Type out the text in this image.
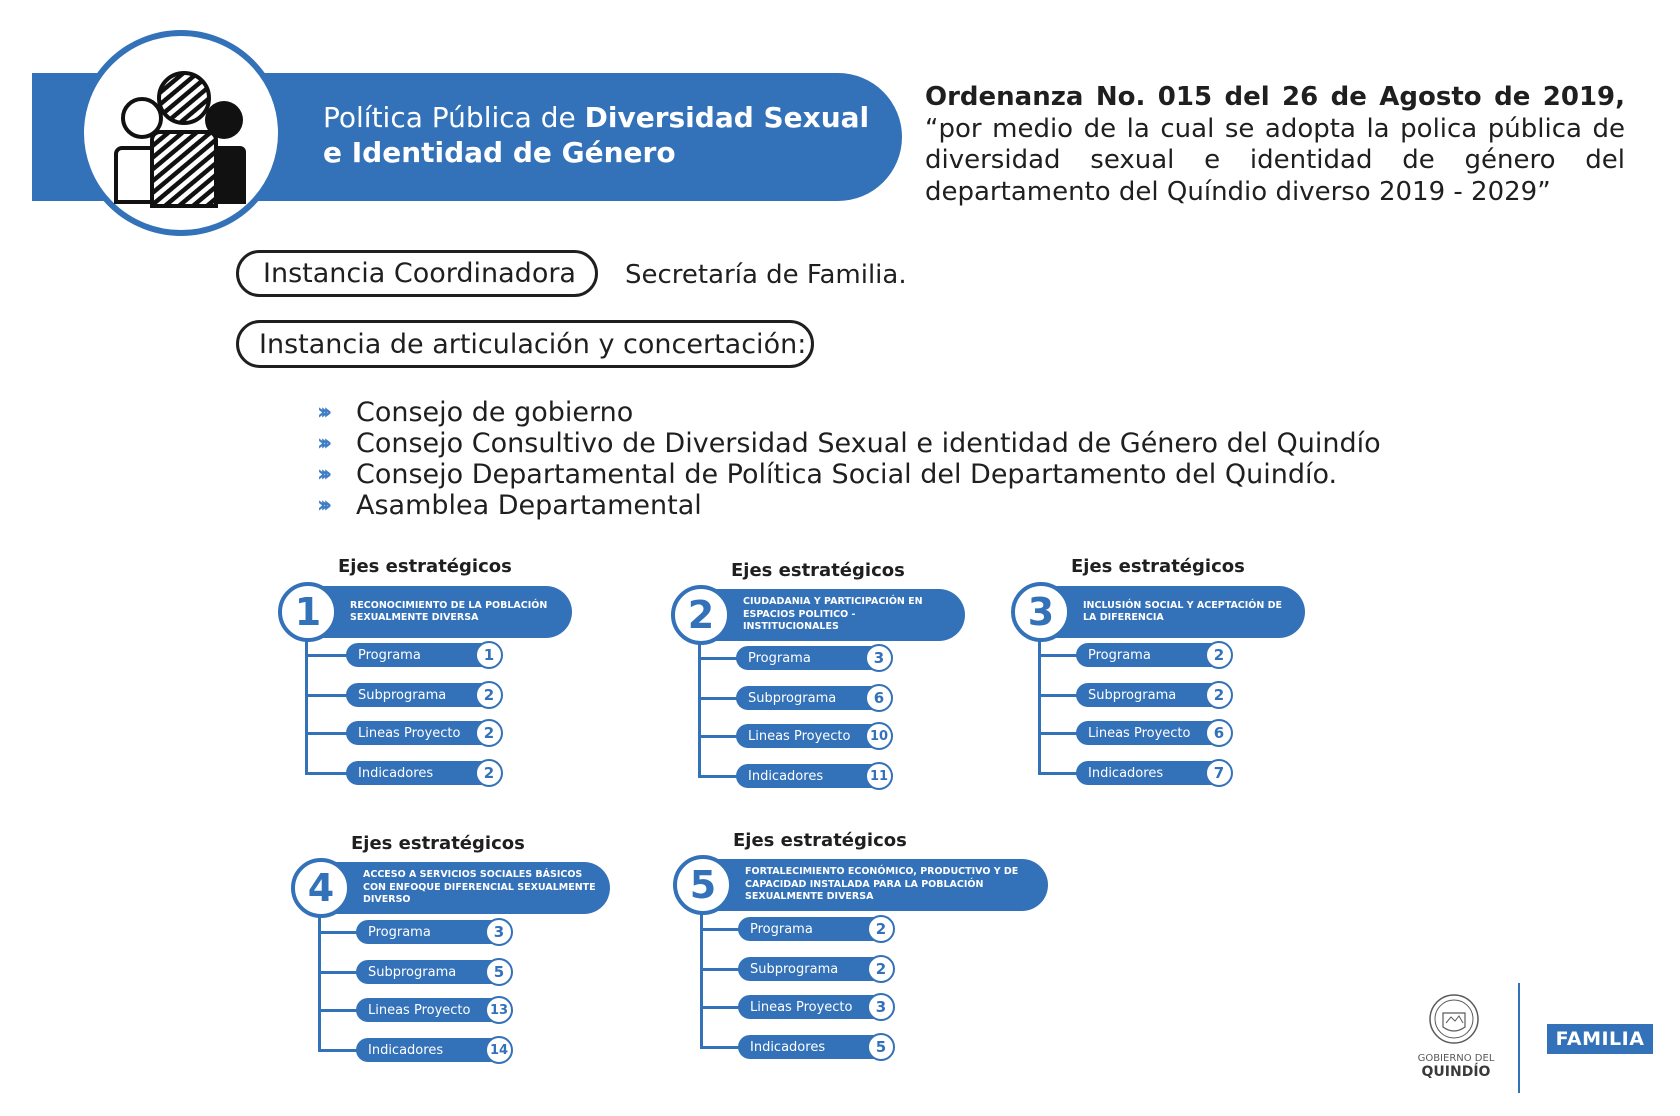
Política Pública de Diversidad Sexual
e Identidad de Género
Ordenanza No. 015 del 26 de Agosto de 2019, “por medio de la cual se adopta la polica pública de diversidad sexual e identidad de género del departamento del Quíndio diverso 2019 - 2029”
Instancia Coordinadora Secretaría de Familia.
Instancia de articulación y concertación:
›››	Consejo de gobierno
›››	Consejo Consultivo de Diversidad Sexual e identidad de Género del Quindío
›››	Consejo Departamental de Política Social del Departamento del Quindío.
›››	Asamblea Departamental
Ejes estratégicos
RECONOCIMIENTO DE LA POBLACIÓN SEXUALMENTE DIVERSA
1
Programa	1
Subprograma	2
Lineas Proyecto	2
Indicadores	2
Ejes estratégicos
CIUDADANIA Y PARTICIPACIÓN EN ESPACIOS POLITICO - INSTITUCIONALES
2
Programa	3
Subprograma	6
Lineas Proyecto	10
Indicadores	11
Ejes estratégicos
INCLUSIÓN SOCIAL Y ACEPTACIÓN DE LA DIFERENCIA
3
Programa	2
Subprograma	2
Lineas Proyecto	6
Indicadores	7
Ejes estratégicos
ACCESO A SERVICIOS SOCIALES BÁSICOS CON ENFOQUE DIFERENCIAL SEXUALMENTE DIVERSO
4
Programa	3
Subprograma	5
Lineas Proyecto	13
Indicadores	14
Ejes estratégicos
FORTALECIMIENTO ECONÓMICO, PRODUCTIVO Y DE CAPACIDAD INSTALADA PARA LA POBLACIÓN SEXUALMENTE DIVERSA
5
Programa	2
Subprograma	2
Lineas Proyecto	3
Indicadores	5
GOBIERNO DEL
QUINDÍO
FAMILIA
